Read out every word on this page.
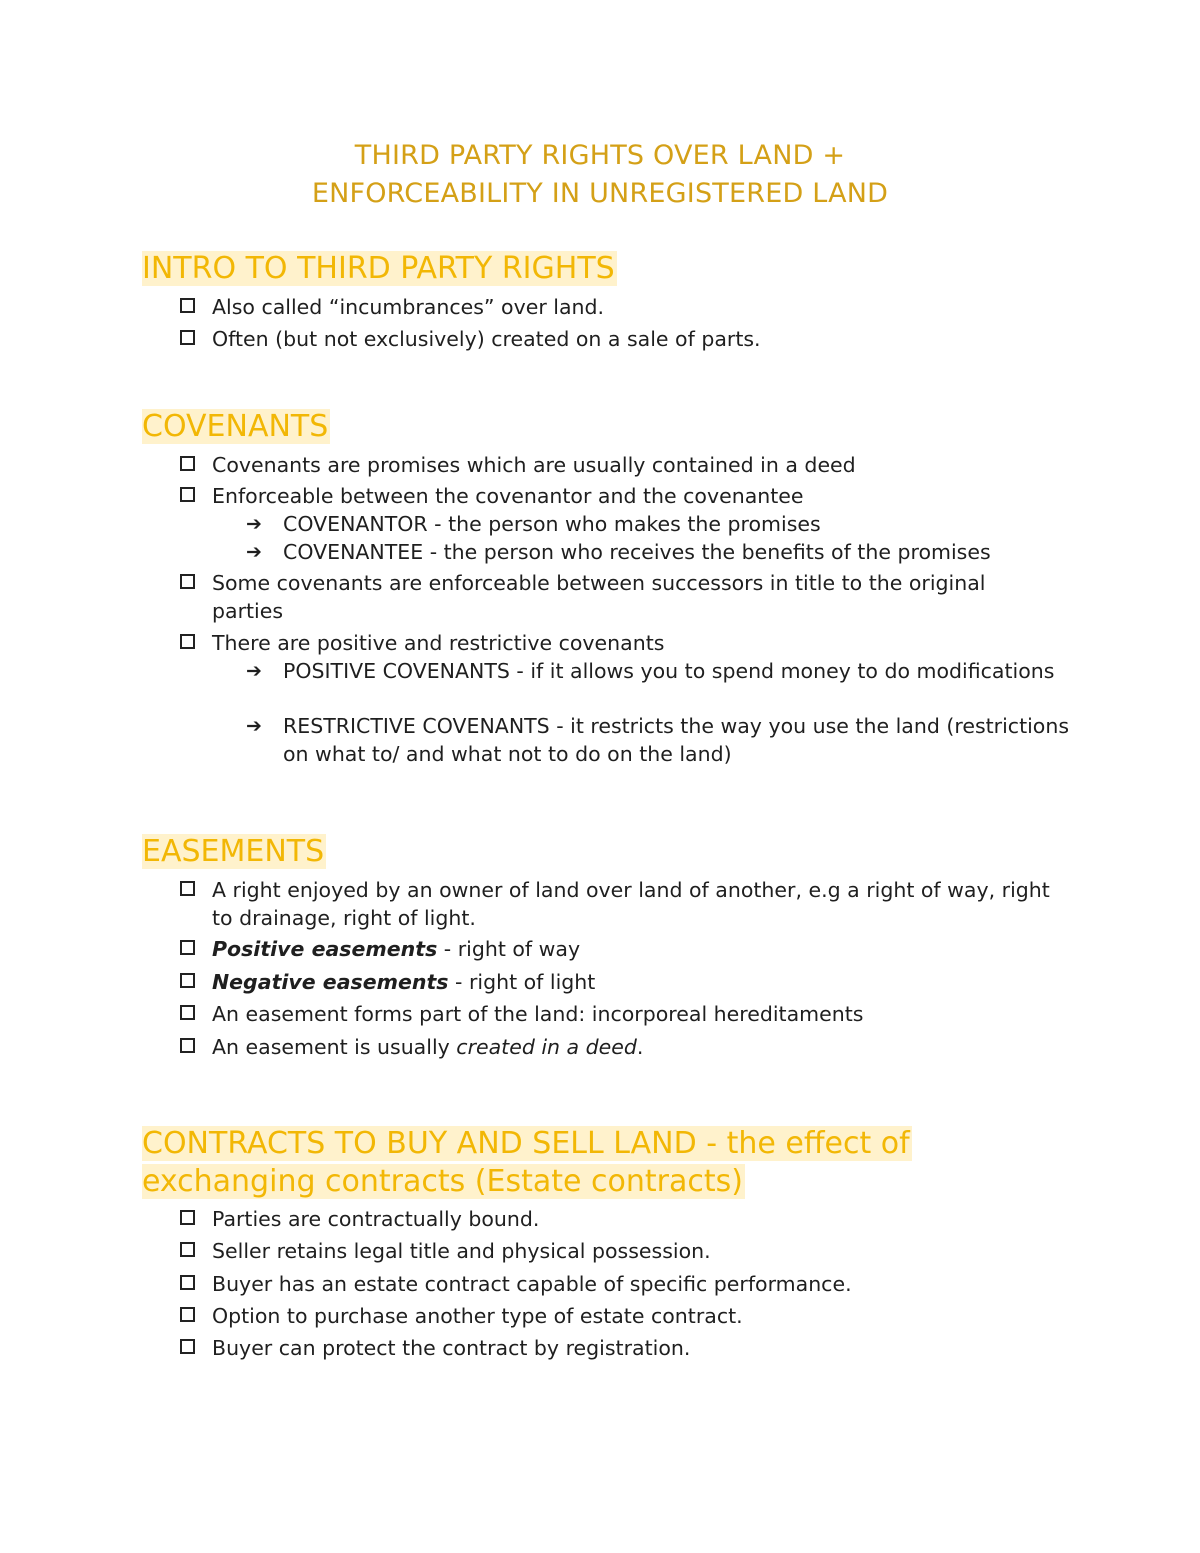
THIRD PARTY RIGHTS OVER LAND +
ENFORCEABILITY IN UNREGISTERED LAND
INTRO TO THIRD PARTY RIGHTS
Also called “incumbrances” over land.
Often (but not exclusively) created on a sale of parts.
COVENANTS
Covenants are promises which are usually contained in a deed
Enforceable between the covenantor and the covenantee
➔	COVENANTOR - the person who makes the promises
➔	COVENANTEE - the person who receives the benefits of the promises
Some covenants are enforceable between successors in title to the original parties
There are positive and restrictive covenants
➔	POSITIVE COVENANTS - if it allows you to spend money to do modifications
➔	RESTRICTIVE COVENANTS - it restricts the way you use the land (restrictions on what to/ and what not to do on the land)
EASEMENTS
A right enjoyed by an owner of land over land of another, e.g a right of way, right to drainage, right of light.
Positive easements - right of way
Negative easements - right of light
An easement forms part of the land: incorporeal hereditaments
An easement is usually created in a deed.
CONTRACTS TO BUY AND SELL LAND - the effect of exchanging contracts (Estate contracts)
Parties are contractually bound.
Seller retains legal title and physical possession.
Buyer has an estate contract capable of specific performance.
Option to purchase another type of estate contract.
Buyer can protect the contract by registration.
